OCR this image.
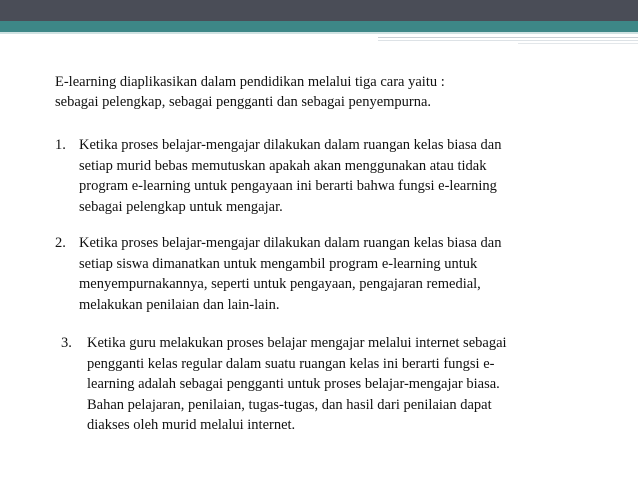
E-learning diaplikasikan dalam pendidikan melalui tiga cara yaitu :
sebagai pelengkap, sebagai pengganti dan sebagai penyempurna.

1. Ketika proses belajar-mengajar dilakukan dalam ruangan kelas biasa dan
setiap murid bebas memutuskan apakah akan menggunakan atau tidak
program e-learning untuk pengayaan ini berarti bahwa fungsi e-learning
sebagai pelengkap untuk mengajar.
2. Ketika proses belajar-mengajar dilakukan dalam ruangan kelas biasa dan
setiap siswa dimanatkan untuk mengambil program e-learning untuk
menyempurnakannya, seperti untuk pengayaan, pengajaran remedial,
melakukan penilaian dan lain-lain.
3. Ketika guru melakukan proses belajar mengajar melalui internet sebagai
pengganti kelas regular dalam suatu ruangan kelas ini berarti fungsi e-
learning adalah sebagai pengganti untuk proses belajar-mengajar biasa.
Bahan pelajaran, penilaian, tugas-tugas, dan hasil dari penilaian dapat
diakses oleh murid melalui internet.
